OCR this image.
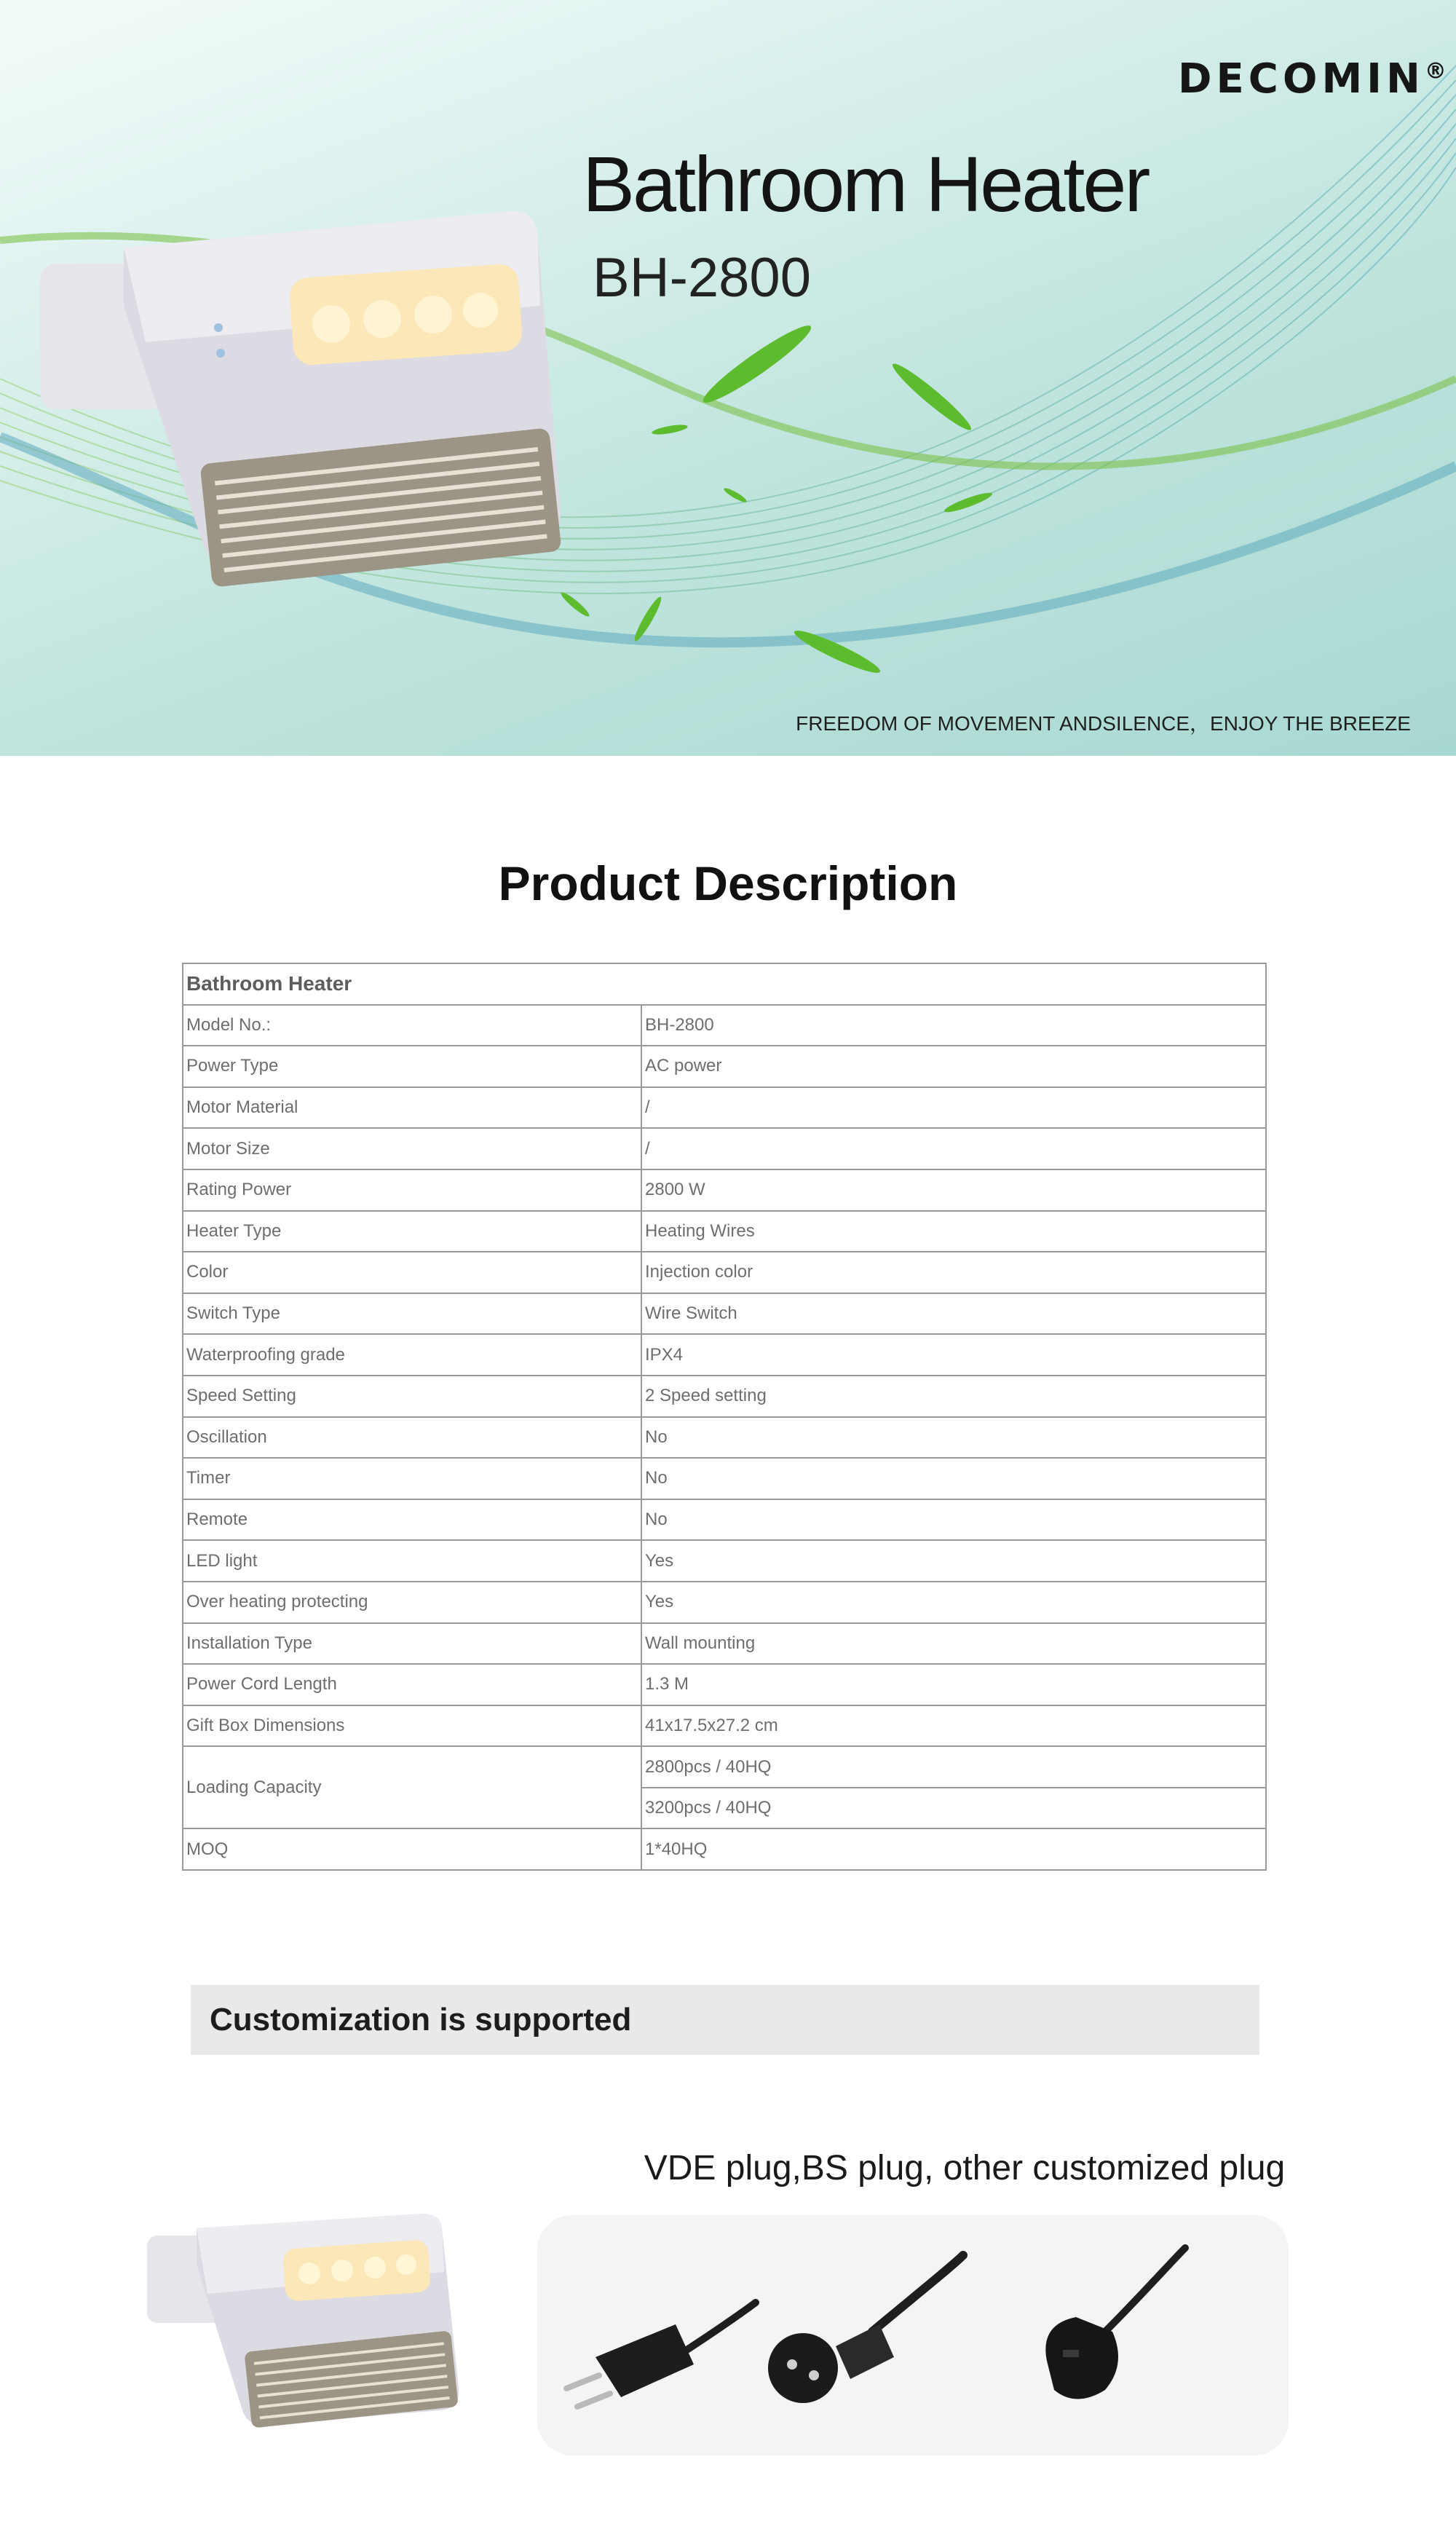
DECOMIN®
Bathroom Heater
BH-2800
FREEDOM OF MOVEMENT ANDSILENCE，ENJOY THE BREEZE
Product Description
Bathroom Heater	
Model No.:	BH-2800
Power Type	AC power
Motor Material	/
Motor Size	/
Rating Power	2800 W
Heater Type	Heating Wires
Color	Injection color
Switch Type	Wire Switch
Waterproofing grade	IPX4
Speed Setting	2 Speed setting
Oscillation	No
Timer	No
Remote	No
LED light	Yes
Over heating protecting	Yes
Installation Type	Wall mounting
Power Cord Length	1.3 M
Gift Box Dimensions	41x17.5x27.2 cm
Loading Capacity	2800pcs / 40HQ
	3200pcs / 40HQ
MOQ	1*40HQ
Customization is supported
VDE plug,BS plug, other customized plug
